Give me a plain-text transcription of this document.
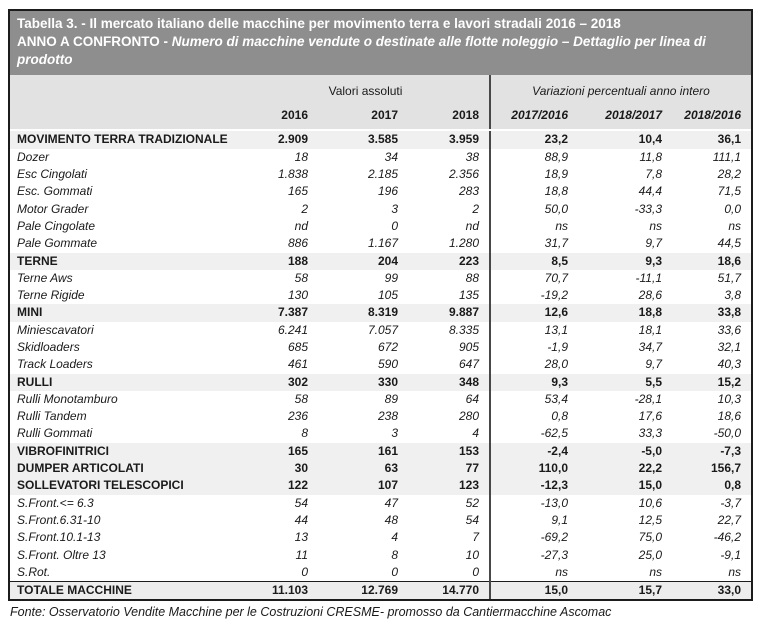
Tabella 3. - Il mercato italiano delle macchine per movimento terra e lavori stradali 2016 – 2018
ANNO A CONFRONTO - Numero di macchine vendute o destinate alle flotte noleggio – Dettaglio per linea di prodotto
	Valori assoluti			Variazioni percentuali anno intero		
	2016	2017	2018	2017/2016	2018/2017	2018/2016
MOVIMENTO TERRA TRADIZIONALE	2.909	3.585	3.959	23,2	10,4	36,1
Dozer	18	34	38	88,9	11,8	111,1
Esc Cingolati	1.838	2.185	2.356	18,9	7,8	28,2
Esc. Gommati	165	196	283	18,8	44,4	71,5
Motor Grader	2	3	2	50,0	-33,3	0,0
Pale Cingolate	nd	0	nd	ns	ns	ns
Pale Gommate	886	1.167	1.280	31,7	9,7	44,5
TERNE	188	204	223	8,5	9,3	18,6
Terne Aws	58	99	88	70,7	-11,1	51,7
Terne Rigide	130	105	135	-19,2	28,6	3,8
MINI	7.387	8.319	9.887	12,6	18,8	33,8
Miniescavatori	6.241	7.057	8.335	13,1	18,1	33,6
Skidloaders	685	672	905	-1,9	34,7	32,1
Track Loaders	461	590	647	28,0	9,7	40,3
RULLI	302	330	348	9,3	5,5	15,2
Rulli Monotamburo	58	89	64	53,4	-28,1	10,3
Rulli Tandem	236	238	280	0,8	17,6	18,6
Rulli Gommati	8	3	4	-62,5	33,3	-50,0
VIBROFINITRICI	165	161	153	-2,4	-5,0	-7,3
DUMPER ARTICOLATI	30	63	77	110,0	22,2	156,7
SOLLEVATORI TELESCOPICI	122	107	123	-12,3	15,0	0,8
S.Front.<= 6.3	54	47	52	-13,0	10,6	-3,7
S.Front.6.31-10	44	48	54	9,1	12,5	22,7
S.Front.10.1-13	13	4	7	-69,2	75,0	-46,2
S.Front. Oltre 13	11	8	10	-27,3	25,0	-9,1
S.Rot.	0	0	0	ns	ns	ns
TOTALE MACCHINE	11.103	12.769	14.770	15,0	15,7	33,0
Fonte: Osservatorio Vendite Macchine per le Costruzioni CRESME- promosso da Cantiermacchine Ascomac
